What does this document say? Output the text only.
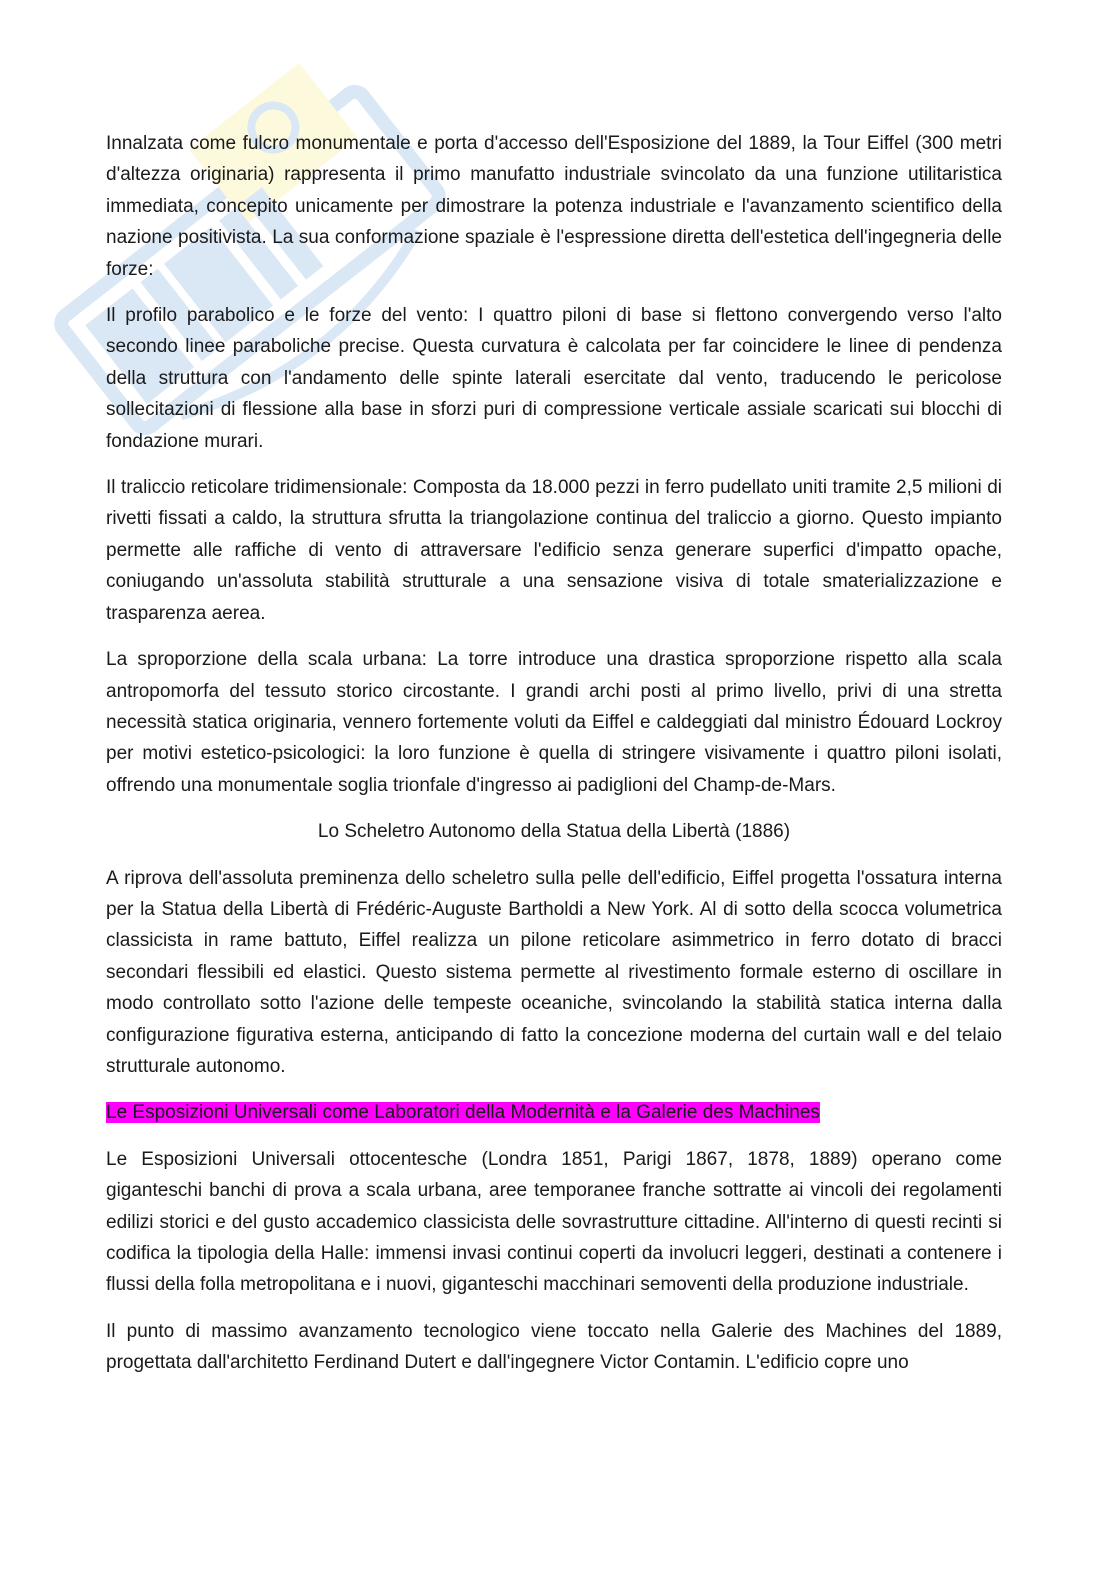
Innalzata come fulcro monumentale e porta d'accesso dell'Esposizione del 1889, la Tour Eiffel (300 metri d'altezza originaria) rappresenta il primo manufatto industriale svincolato da una funzione utilitaristica immediata, concepito unicamente per dimostrare la potenza industriale e l'avanzamento scientifico della nazione positivista. La sua conformazione spaziale è l'espressione diretta dell'estetica dell'ingegneria delle forze:

Il profilo parabolico e le forze del vento: I quattro piloni di base si flettono convergendo verso l'alto secondo linee paraboliche precise. Questa curvatura è calcolata per far coincidere le linee di pendenza della struttura con l'andamento delle spinte laterali esercitate dal vento, traducendo le pericolose sollecitazioni di flessione alla base in sforzi puri di compressione verticale assiale scaricati sui blocchi di fondazione murari.

Il traliccio reticolare tridimensionale: Composta da 18.000 pezzi in ferro pudellato uniti tramite 2,5 milioni di rivetti fissati a caldo, la struttura sfrutta la triangolazione continua del traliccio a giorno. Questo impianto permette alle raffiche di vento di attraversare l'edificio senza generare superfici d'impatto opache, coniugando un'assoluta stabilità strutturale a una sensazione visiva di totale smaterializzazione e trasparenza aerea.

La sproporzione della scala urbana: La torre introduce una drastica sproporzione rispetto alla scala antropomorfa del tessuto storico circostante. I grandi archi posti al primo livello, privi di una stretta necessità statica originaria, vennero fortemente voluti da Eiffel e caldeggiati dal ministro Édouard Lockroy per motivi estetico-psicologici: la loro funzione è quella di stringere visivamente i quattro piloni isolati, offrendo una monumentale soglia trionfale d'ingresso ai padiglioni del Champ-de-Mars.

Lo Scheletro Autonomo della Statua della Libertà (1886)

A riprova dell'assoluta preminenza dello scheletro sulla pelle dell'edificio, Eiffel progetta l'ossatura interna per la Statua della Libertà di Frédéric-Auguste Bartholdi a New York. Al di sotto della scocca volumetrica classicista in rame battuto, Eiffel realizza un pilone reticolare asimmetrico in ferro dotato di bracci secondari flessibili ed elastici. Questo sistema permette al rivestimento formale esterno di oscillare in modo controllato sotto l'azione delle tempeste oceaniche, svincolando la stabilità statica interna dalla configurazione figurativa esterna, anticipando di fatto la concezione moderna del curtain wall e del telaio strutturale autonomo.

Le Esposizioni Universali come Laboratori della Modernità e la Galerie des Machines

Le Esposizioni Universali ottocentesche (Londra 1851, Parigi 1867, 1878, 1889) operano come giganteschi banchi di prova a scala urbana, aree temporanee franche sottratte ai vincoli dei regolamenti edilizi storici e del gusto accademico classicista delle sovrastrutture cittadine. All'interno di questi recinti si codifica la tipologia della Halle: immensi invasi continui coperti da involucri leggeri, destinati a contenere i flussi della folla metropolitana e i nuovi, giganteschi macchinari semoventi della produzione industriale.

Il punto di massimo avanzamento tecnologico viene toccato nella Galerie des Machines del 1889, progettata dall'architetto Ferdinand Dutert e dall'ingegnere Victor Contamin. L'edificio copre uno
